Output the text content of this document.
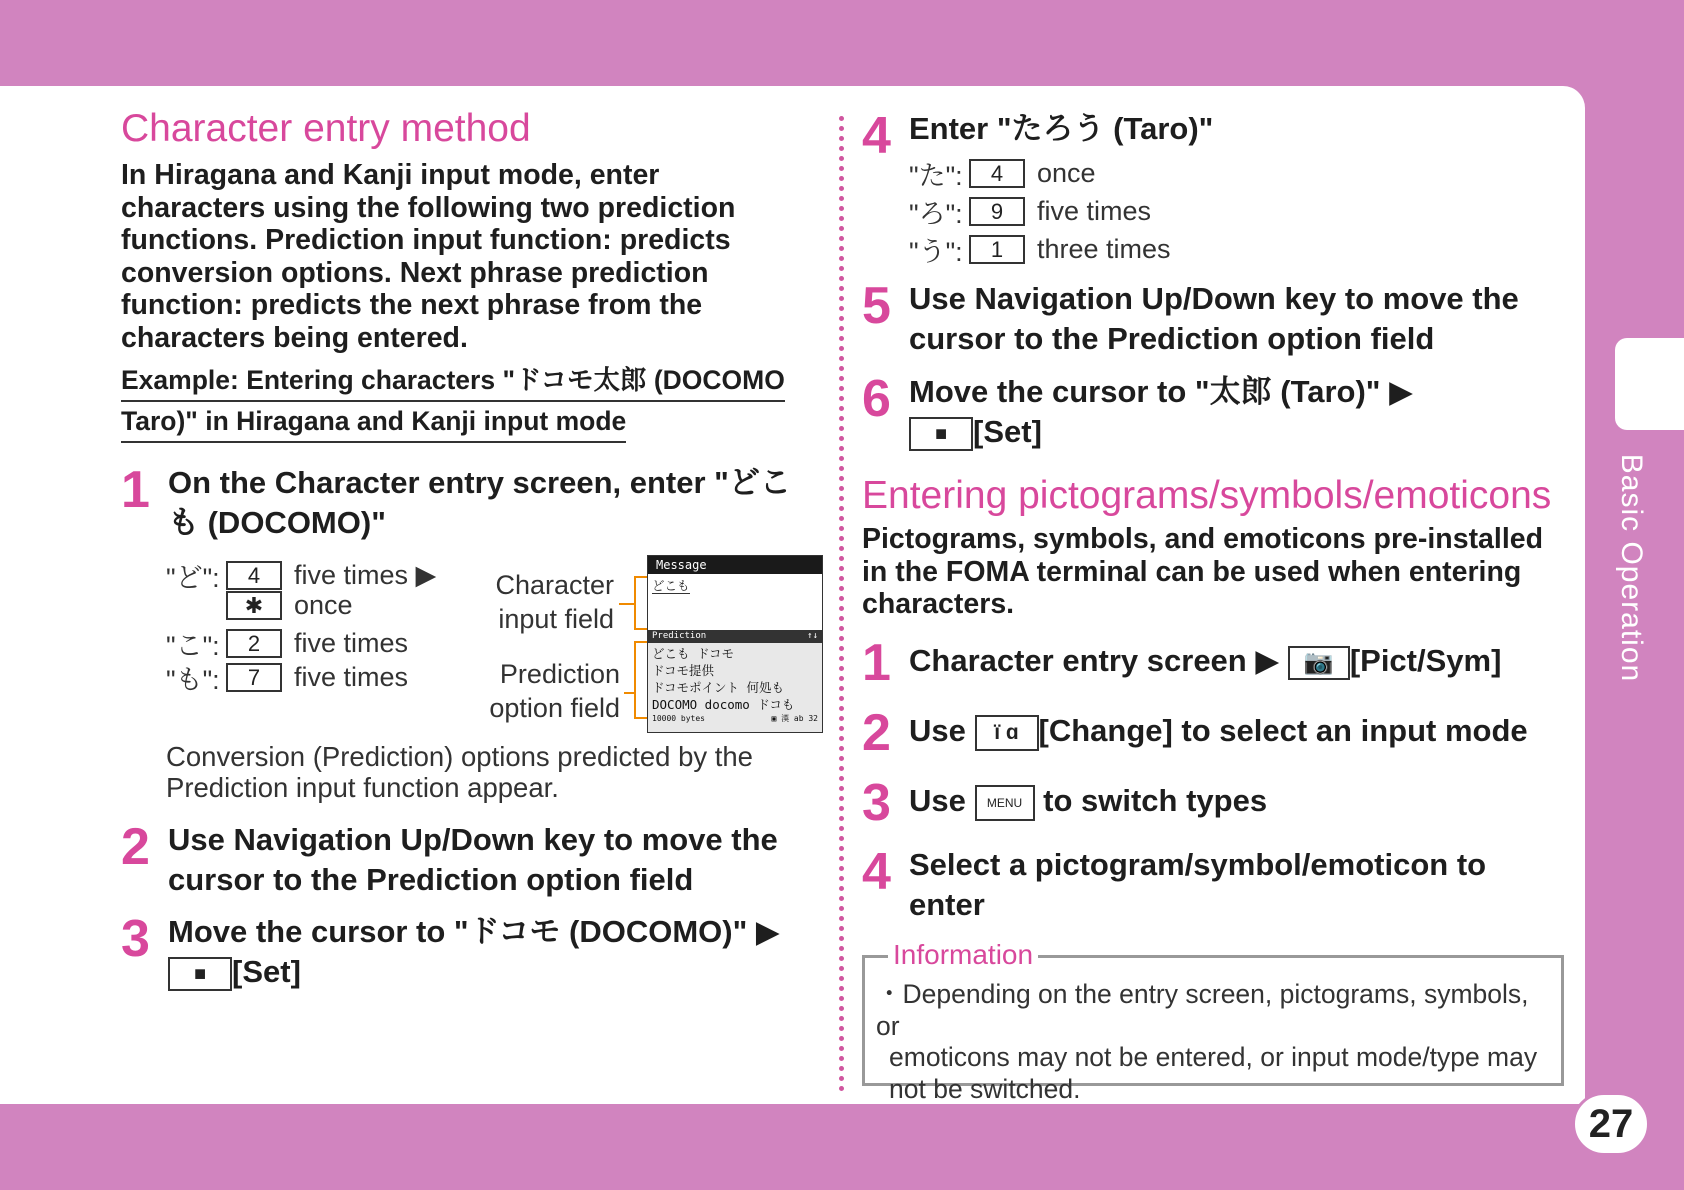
Basic Operation
27
Character entry method
In Hiragana and Kanji input mode, enter
characters using the following two prediction
functions. Prediction input function: predicts
conversion options. Next phrase prediction
function: predicts the next phrase from the
characters being entered.
Example: Entering characters "ドコモ太郎 (DOCOMO
Taro)" in Hiragana and Kanji input mode
1 On the Character entry screen, enter "どこ
も (DOCOMO)"
"ど":	4	five times ▶
✱	once
"こ":	2	five times
"も":	7	five times
Character
input field
Prediction
option field
Message
どこも
Prediction	↑↓
どこも ドコモ
ドコモ提供
ドコモポイント 何処も
DOCOMO docomo ドコも
10000 bytes	▣ 漢 ab 32
Conversion (Prediction) options predicted by the
Prediction input function appear.
2 Use Navigation Up/Down key to move the
cursor to the Prediction option field
3 Move the cursor to "ドコモ (DOCOMO)" ▶
■ [Set]
4 Enter "たろう (Taro)"
"た":	4	once
"ろ":	9	five times
"う":	1	three times
5 Use Navigation Up/Down key to move the
cursor to the Prediction option field
6 Move the cursor to "太郎 (Taro)" ▶
■ [Set]
Entering pictograms/symbols/emoticons
Pictograms, symbols, and emoticons pre-installed
in the FOMA terminal can be used when entering
characters.
1 Character entry screen ▶ 📷 [Pict/Sym]
2 Use ï ɑ [Change] to select an input mode
3 Use MENU to switch types
4 Select a pictogram/symbol/emoticon to
enter
Information
・Depending on the entry screen, pictograms, symbols, or
emoticons may not be entered, or input mode/type may
not be switched.
